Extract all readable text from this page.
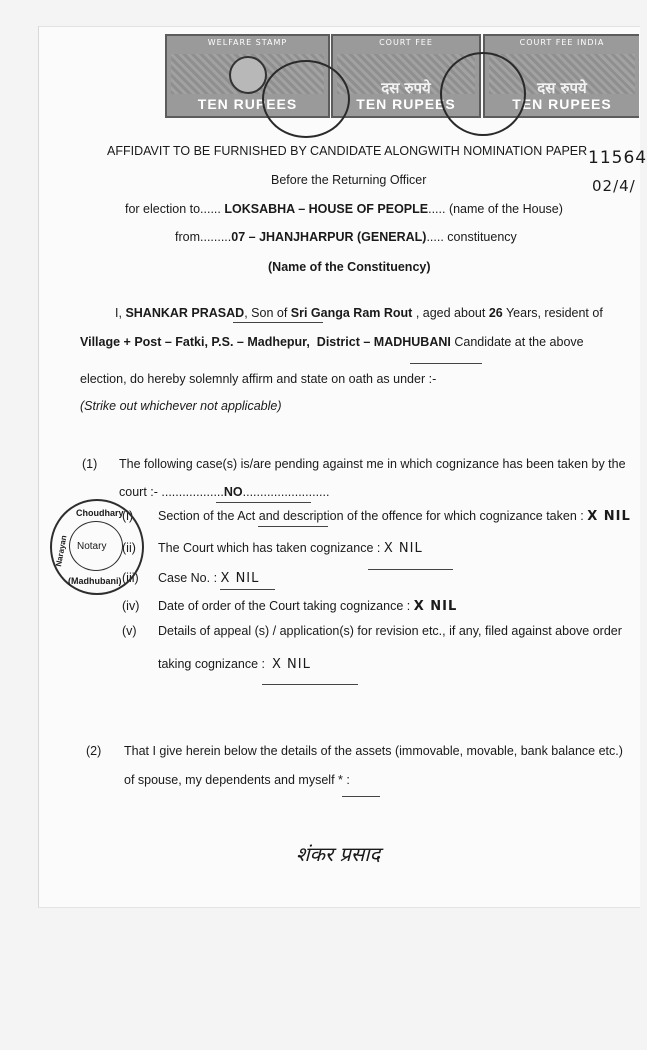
WELFARE STAMP
TEN RUPEES
COURT FEE
दस रुपये
TEN RUPEES
COURT FEE INDIA
दस रुपये
TEN RUPEES
11564
02/4/
AFFIDAVIT TO BE FURNISHED BY CANDIDATE ALONGWITH NOMINATION PAPER
Before the Returning Officer
for election to...... LOKSABHA – HOUSE OF PEOPLE..... (name of the House)
from.........07 – JHANJHARPUR (GENERAL)..... constituency
(Name of the Constituency)
I, SHANKAR PRASAD, Son of Sri Ganga Ram Rout , aged about 26 Years, resident of
Village + Post – Fatki, P.S. – Madhepur, District – MADHUBANI Candidate at the above
election, do hereby solemnly affirm and state on oath as under :-
(Strike out whichever not applicable)
(1) The following case(s) is/are pending against me in which cognizance has been taken by the
court :- ..................NO.........................
(i) Section of the Act and description of the offence for which cognizance taken : X NIL
(ii) The Court which has taken cognizance : X NIL
(iii) Case No. : X NIL
(iv) Date of order of the Court taking cognizance : X NIL
(v) Details of appeal (s) / application(s) for revision etc., if any, filed against above order
taking cognizance : X NIL
Choudhary
Notary
(Madhubani)
Narayan
(2) That I give herein below the details of the assets (immovable, movable, bank balance etc.)
of spouse, my dependents and myself * :
शंकर प्रसाद
